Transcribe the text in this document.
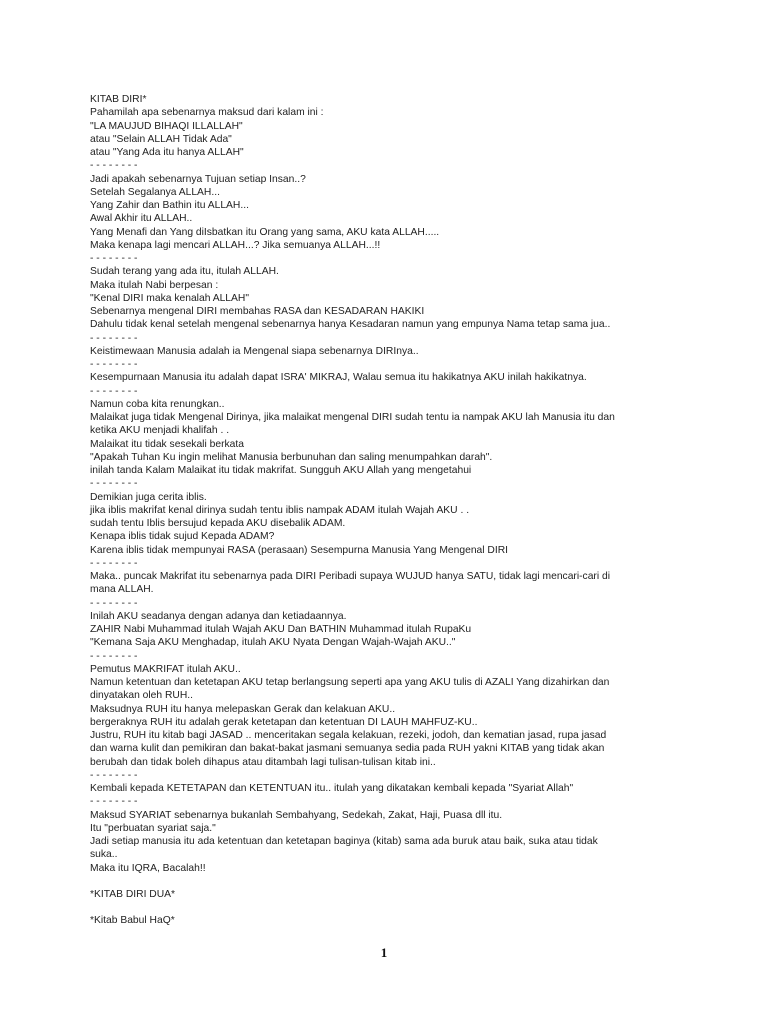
KITAB DIRI*
Pahamilah apa sebenarnya maksud dari kalam ini :
"LA MAUJUD BIHAQI ILLALLAH"
atau "Selain ALLAH Tidak Ada"
atau "Yang Ada itu hanya ALLAH"
- - - - - - - -
Jadi apakah sebenarnya Tujuan setiap Insan..?
Setelah Segalanya ALLAH...
Yang Zahir dan Bathin itu ALLAH...
Awal Akhir itu ALLAH..
Yang Menafi dan Yang diIsbatkan itu Orang yang sama, AKU kata ALLAH.....
Maka kenapa lagi mencari ALLAH...? Jika semuanya ALLAH...!!
- - - - - - - -
Sudah terang yang ada itu, itulah ALLAH.
Maka itulah Nabi berpesan :
"Kenal DIRI maka kenalah ALLAH"
Sebenarnya mengenal DIRI membahas RASA dan KESADARAN HAKIKI
Dahulu tidak kenal setelah mengenal sebenarnya hanya Kesadaran namun yang empunya Nama tetap sama jua..
- - - - - - - -
Keistimewaan Manusia adalah ia Mengenal siapa sebenarnya DIRInya..
- - - - - - - -
Kesempurnaan Manusia itu adalah dapat ISRA' MIKRAJ, Walau semua itu hakikatnya AKU inilah hakikatnya.
- - - - - - - -
Namun coba kita renungkan..
Malaikat juga tidak Mengenal Dirinya, jika malaikat mengenal DIRI sudah tentu ia nampak AKU lah Manusia itu dan
ketika AKU menjadi khalifah . .
Malaikat itu tidak sesekali berkata
"Apakah Tuhan Ku ingin melihat Manusia berbunuhan dan saling menumpahkan darah".
inilah tanda Kalam Malaikat itu tidak makrifat. Sungguh AKU Allah yang mengetahui
- - - - - - - -
Demikian juga cerita iblis.
jika iblis makrifat kenal dirinya sudah tentu iblis nampak ADAM itulah Wajah AKU . .
sudah tentu Iblis bersujud kepada AKU disebalik ADAM.
Kenapa iblis tidak sujud Kepada ADAM?
Karena iblis tidak mempunyai RASA (perasaan) Sesempurna Manusia Yang Mengenal DIRI
- - - - - - - -
Maka.. puncak Makrifat itu sebenarnya pada DIRI Peribadi supaya WUJUD hanya SATU, tidak lagi mencari-cari di
mana ALLAH.
- - - - - - - -
Inilah AKU seadanya dengan adanya dan ketiadaannya.
ZAHIR Nabi Muhammad itulah Wajah AKU Dan BATHIN Muhammad itulah RupaKu
"Kemana Saja AKU Menghadap, itulah AKU Nyata Dengan Wajah-Wajah AKU.."
- - - - - - - -
Pemutus MAKRIFAT itulah AKU..
Namun ketentuan dan ketetapan AKU tetap berlangsung seperti apa yang AKU tulis di AZALI Yang dizahirkan dan
dinyatakan oleh RUH..
Maksudnya RUH itu hanya melepaskan Gerak dan kelakuan AKU..
bergeraknya RUH itu adalah gerak ketetapan dan ketentuan DI LAUH MAHFUZ-KU..
Justru, RUH itu kitab bagi JASAD .. menceritakan segala kelakuan, rezeki, jodoh, dan kematian jasad, rupa jasad
dan warna kulit dan pemikiran dan bakat-bakat jasmani semuanya sedia pada RUH yakni KITAB yang tidak akan
berubah dan tidak boleh dihapus atau ditambah lagi tulisan-tulisan kitab ini..
- - - - - - - -
Kembali kepada KETETAPAN dan KETENTUAN itu.. itulah yang dikatakan kembali kepada "Syariat Allah"
- - - - - - - -
Maksud SYARIAT sebenarnya bukanlah Sembahyang, Sedekah, Zakat, Haji, Puasa dll itu.
Itu "perbuatan syariat saja."
Jadi setiap manusia itu ada ketentuan dan ketetapan baginya (kitab) sama ada buruk atau baik, suka atau tidak
suka..
Maka itu IQRA, Bacalah!!
*KITAB DIRI DUA*
*Kitab Babul HaQ*
1
